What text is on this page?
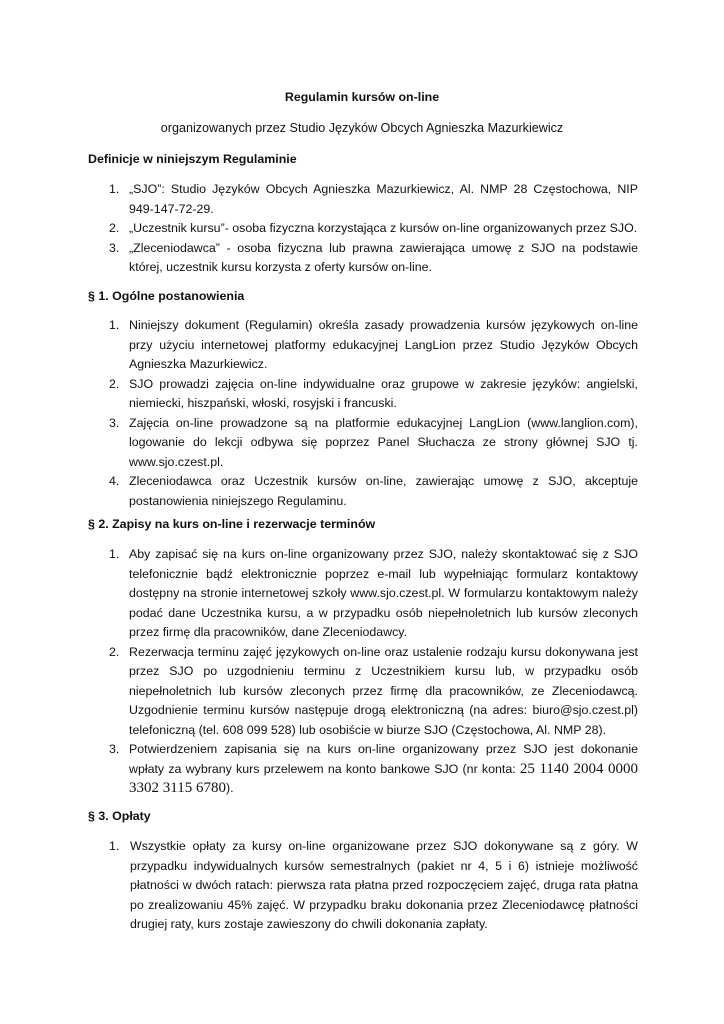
Regulamin kursów on-line
organizowanych przez Studio Języków Obcych Agnieszka Mazurkiewicz
Definicje w niniejszym Regulaminie
1. „SJO”: Studio Języków Obcych Agnieszka Mazurkiewicz, Al. NMP 28 Częstochowa, NIP 949-147-72-29.
2. „Uczestnik kursu”- osoba fizyczna korzystająca z kursów on-line organizowanych przez SJO.
3. „Zleceniodawca” - osoba fizyczna lub prawna zawierająca umowę z SJO na podstawie której, uczestnik kursu korzysta z oferty kursów on-line.
§ 1. Ogólne postanowienia
1. Niniejszy dokument (Regulamin) określa zasady prowadzenia kursów językowych on-line przy użyciu internetowej platformy edukacyjnej LangLion przez Studio Języków Obcych Agnieszka Mazurkiewicz.
2. SJO prowadzi zajęcia on-line indywidualne oraz grupowe w zakresie języków: angielski, niemiecki, hiszpański, włoski, rosyjski i francuski.
3. Zajęcia on-line prowadzone są na platformie edukacyjnej LangLion (www.langlion.com), logowanie do lekcji odbywa się poprzez Panel Słuchacza ze strony głównej SJO tj. www.sjo.czest.pl.
4. Zleceniodawca oraz Uczestnik kursów on-line, zawierając umowę z SJO, akceptuje postanowienia niniejszego Regulaminu.
§ 2. Zapisy na kurs on-line i rezerwacje terminów
1. Aby zapisać się na kurs on-line organizowany przez SJO, należy skontaktować się z SJO telefonicznie bądź elektronicznie poprzez e-mail lub wypełniając formularz kontaktowy dostępny na stronie internetowej szkoły www.sjo.czest.pl. W formularzu kontaktowym należy podać dane Uczestnika kursu, a w przypadku osób niepełnoletnich lub kursów zleconych przez firmę dla pracowników, dane Zleceniodawcy.
2. Rezerwacja terminu zajęć językowych on-line oraz ustalenie rodzaju kursu dokonywana jest przez SJO po uzgodnieniu terminu z Uczestnikiem kursu lub, w przypadku osób niepełnoletnich lub kursów zleconych przez firmę dla pracowników, ze Zleceniodawcą. Uzgodnienie terminu kursów następuje drogą elektroniczną (na adres: biuro@sjo.czest.pl) telefoniczną (tel. 608 099 528) lub osobiście w biurze SJO (Częstochowa, Al. NMP 28).
3. Potwierdzeniem zapisania się na kurs on-line organizowany przez SJO jest dokonanie wpłaty za wybrany kurs przelewem na konto bankowe SJO (nr konta: 25 1140 2004 0000 3302 3115 6780).
§ 3. Opłaty
1. Wszystkie opłaty za kursy on-line organizowane przez SJO dokonywane są z góry. W przypadku indywidualnych kursów semestralnych (pakiet nr 4, 5 i 6) istnieje możliwość płatności w dwóch ratach: pierwsza rata płatna przed rozpoczęciem zajęć, druga rata płatna po zrealizowaniu 45% zajęć. W przypadku braku dokonania przez Zleceniodawcę płatności drugiej raty, kurs zostaje zawieszony do chwili dokonania zapłaty.
